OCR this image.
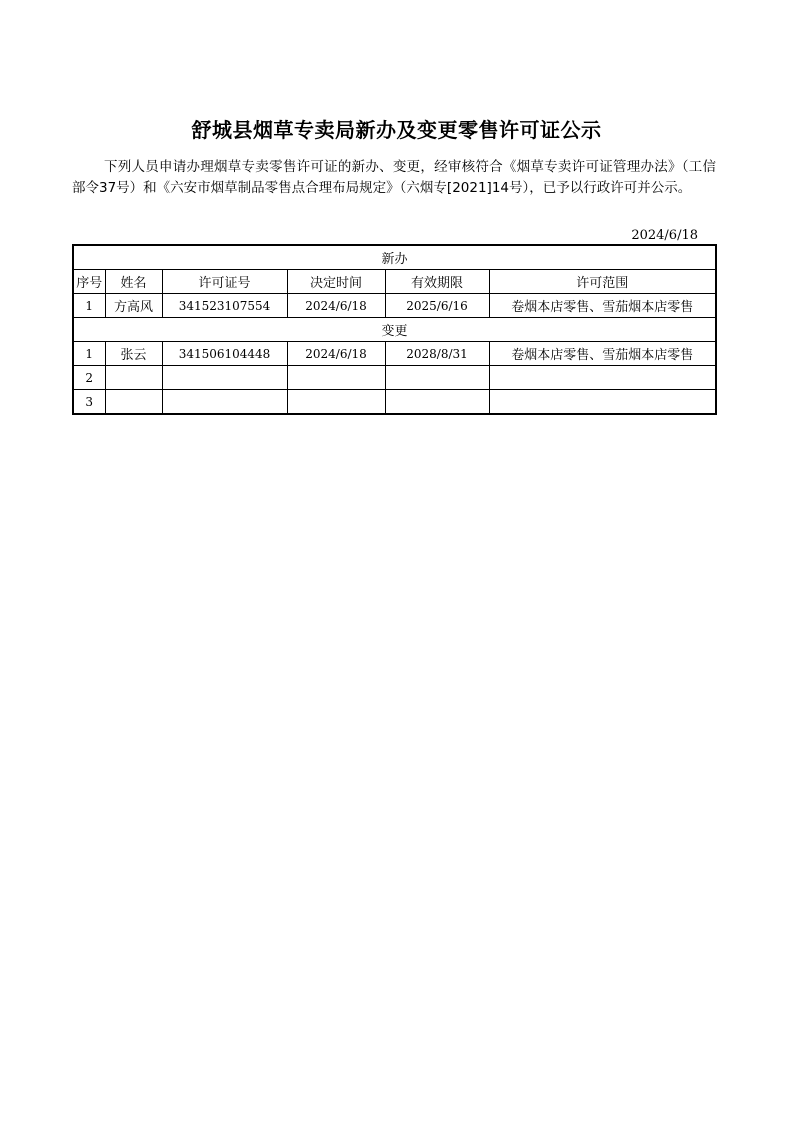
舒城县烟草专卖局新办及变更零售许可证公示
下列人员申请办理烟草专卖零售许可证的新办、变更，经审核符合《烟草专卖许可证管理办法》（工信部令37号）和《六安市烟草制品零售点合理布局规定》（六烟专[2021]14号），已予以行政许可并公示。
2024/6/18
新办					
序号	姓名	许可证号	决定时间	有效期限	许可范围
1	方高风	341523107554	2024/6/18	2025/6/16	卷烟本店零售、雪茄烟本店零售
变更					
1	张云	341506104448	2024/6/18	2028/8/31	卷烟本店零售、雪茄烟本店零售
2					
3					
